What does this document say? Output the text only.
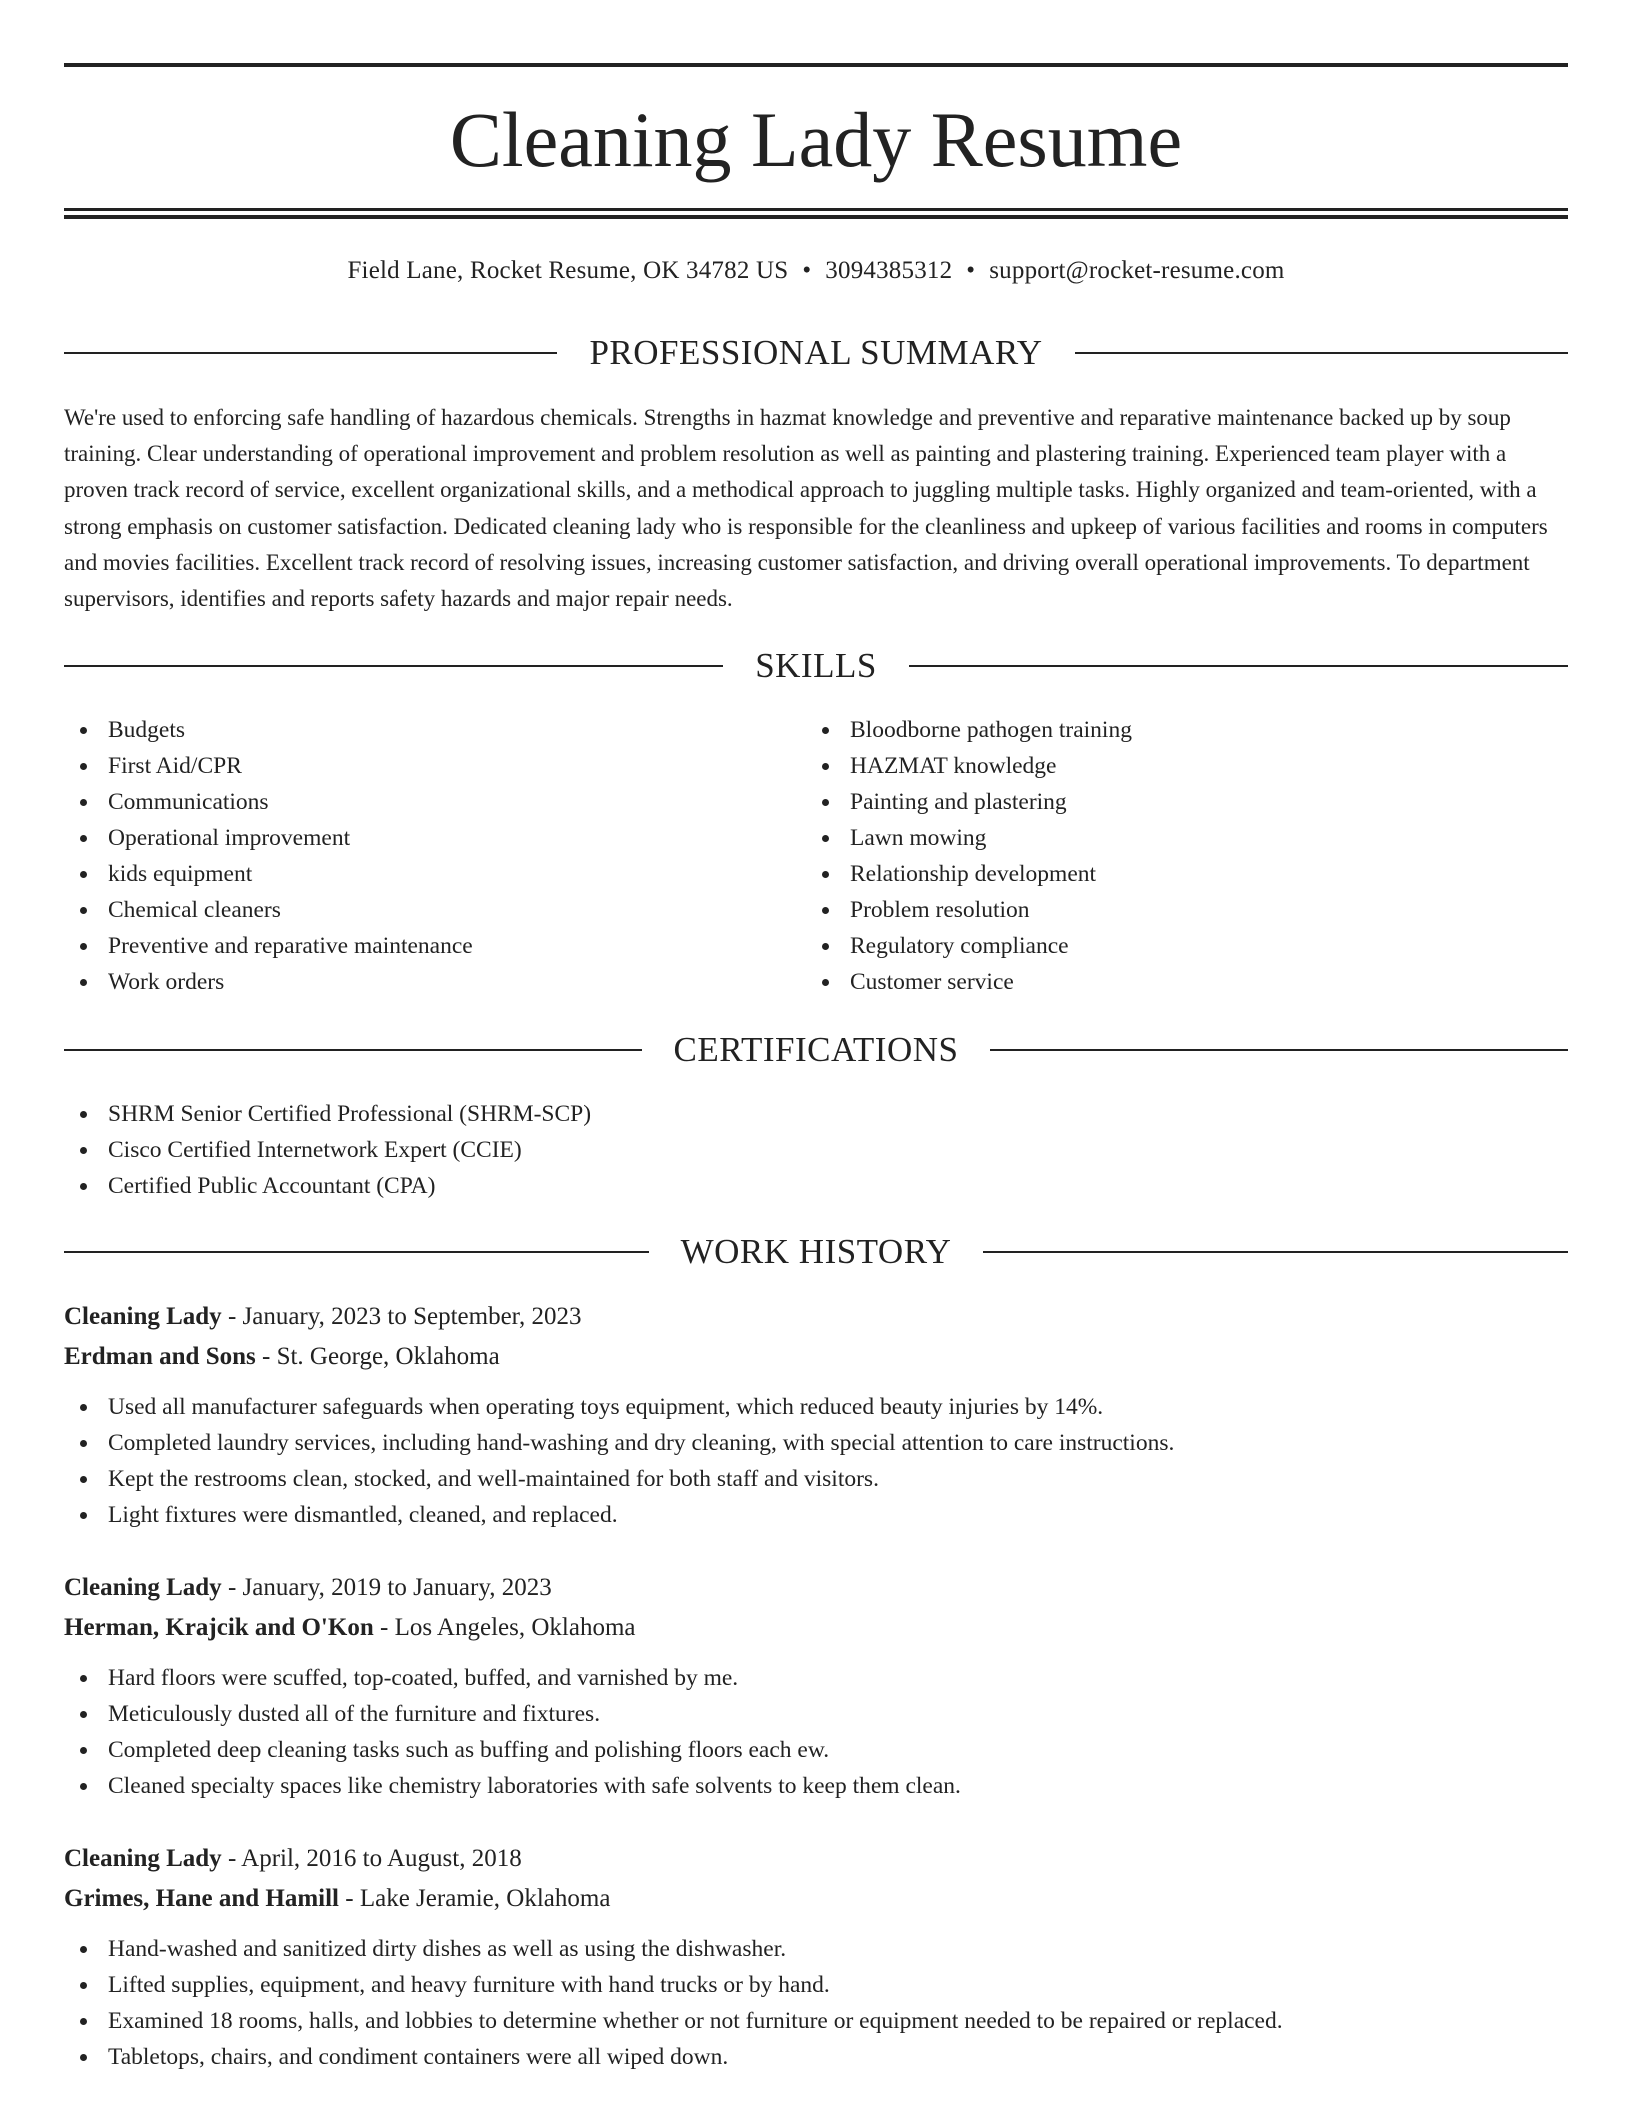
Cleaning Lady Resume
Field Lane, Rocket Resume, OK 34782 US • 3094385312 • support@rocket-resume.com
PROFESSIONAL SUMMARY

We're used to enforcing safe handling of hazardous chemicals. Strengths in hazmat knowledge and preventive and reparative maintenance backed up by soup training. Clear understanding of operational improvement and problem resolution as well as painting and plastering training. Experienced team player with a proven track record of service, excellent organizational skills, and a methodical approach to juggling multiple tasks. Highly organized and team-oriented, with a strong emphasis on customer satisfaction. Dedicated cleaning lady who is responsible for the cleanliness and upkeep of various facilities and rooms in computers and movies facilities. Excellent track record of resolving issues, increasing customer satisfaction, and driving overall operational improvements. To department supervisors, identifies and reports safety hazards and major repair needs.

SKILLS
Budgets
First Aid/CPR
Communications
Operational improvement
kids equipment
Chemical cleaners
Preventive and reparative maintenance
Work orders
Bloodborne pathogen training
HAZMAT knowledge
Painting and plastering
Lawn mowing
Relationship development
Problem resolution
Regulatory compliance
Customer service
CERTIFICATIONS
SHRM Senior Certified Professional (SHRM-SCP)
Cisco Certified Internetwork Expert (CCIE)
Certified Public Accountant (CPA)
WORK HISTORY
Cleaning Lady - January, 2023 to September, 2023
Erdman and Sons - St. George, Oklahoma
Used all manufacturer safeguards when operating toys equipment, which reduced beauty injuries by 14%.
Completed laundry services, including hand-washing and dry cleaning, with special attention to care instructions.
Kept the restrooms clean, stocked, and well-maintained for both staff and visitors.
Light fixtures were dismantled, cleaned, and replaced.
Cleaning Lady - January, 2019 to January, 2023
Herman, Krajcik and O'Kon - Los Angeles, Oklahoma
Hard floors were scuffed, top-coated, buffed, and varnished by me.
Meticulously dusted all of the furniture and fixtures.
Completed deep cleaning tasks such as buffing and polishing floors each ew.
Cleaned specialty spaces like chemistry laboratories with safe solvents to keep them clean.
Cleaning Lady - April, 2016 to August, 2018
Grimes, Hane and Hamill - Lake Jeramie, Oklahoma
Hand-washed and sanitized dirty dishes as well as using the dishwasher.
Lifted supplies, equipment, and heavy furniture with hand trucks or by hand.
Examined 18 rooms, halls, and lobbies to determine whether or not furniture or equipment needed to be repaired or replaced.
Tabletops, chairs, and condiment containers were all wiped down.
